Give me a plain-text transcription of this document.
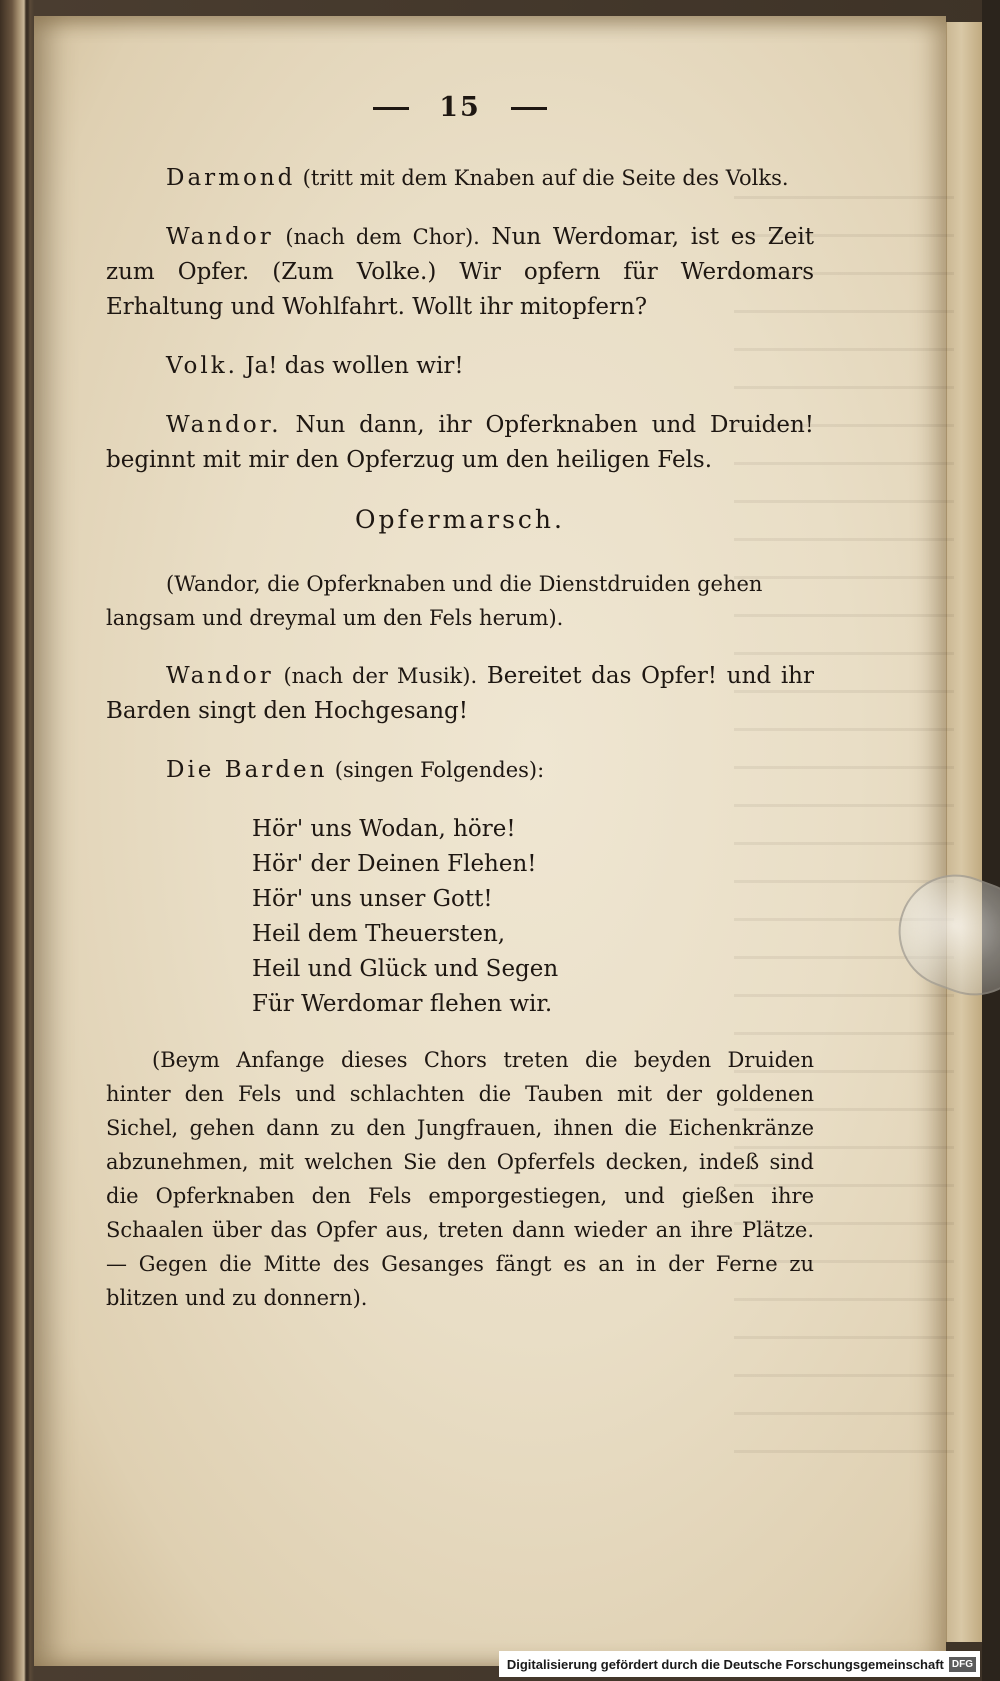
15

Darmond (tritt mit dem Knaben auf die Seite des Volks.

Wandor (nach dem Chor). Nun Werdomar, ist es Zeit zum Opfer. (Zum Volke.) Wir opfern für Werdomars Erhaltung und Wohlfahrt. Wollt ihr mitopfern?

Volk. Ja! das wollen wir!

Wandor. Nun dann, ihr Opferknaben und Druiden! beginnt mit mir den Opferzug um den heiligen Fels.

Opfermarsch.

(Wandor, die Opferknaben und die Dienstdruiden gehen langsam und dreymal um den Fels herum).

Wandor (nach der Musik). Bereitet das Opfer! und ihr Barden singt den Hochgesang!

Die Barden (singen Folgendes):

Hör' uns Wodan, höre!
Hör' der Deinen Flehen!
Hör' uns unser Gott!
Heil dem Theuersten,
Heil und Glück und Segen
Für Werdomar flehen wir.

(Beym Anfange dieses Chors treten die beyden Druiden hinter den Fels und schlachten die Tauben mit der goldenen Sichel, gehen dann zu den Jungfrauen, ihnen die Eichenkränze abzunehmen, mit welchen Sie den Opferfels decken, indeß sind die Opferknaben den Fels emporgestiegen, und gießen ihre Schaalen über das Opfer aus, treten dann wieder an ihre Plätze. — Gegen die Mitte des Gesanges fängt es an in der Ferne zu blitzen und zu donnern).

Digitalisierung gefördert durch die Deutsche Forschungsgemeinschaft DFG
